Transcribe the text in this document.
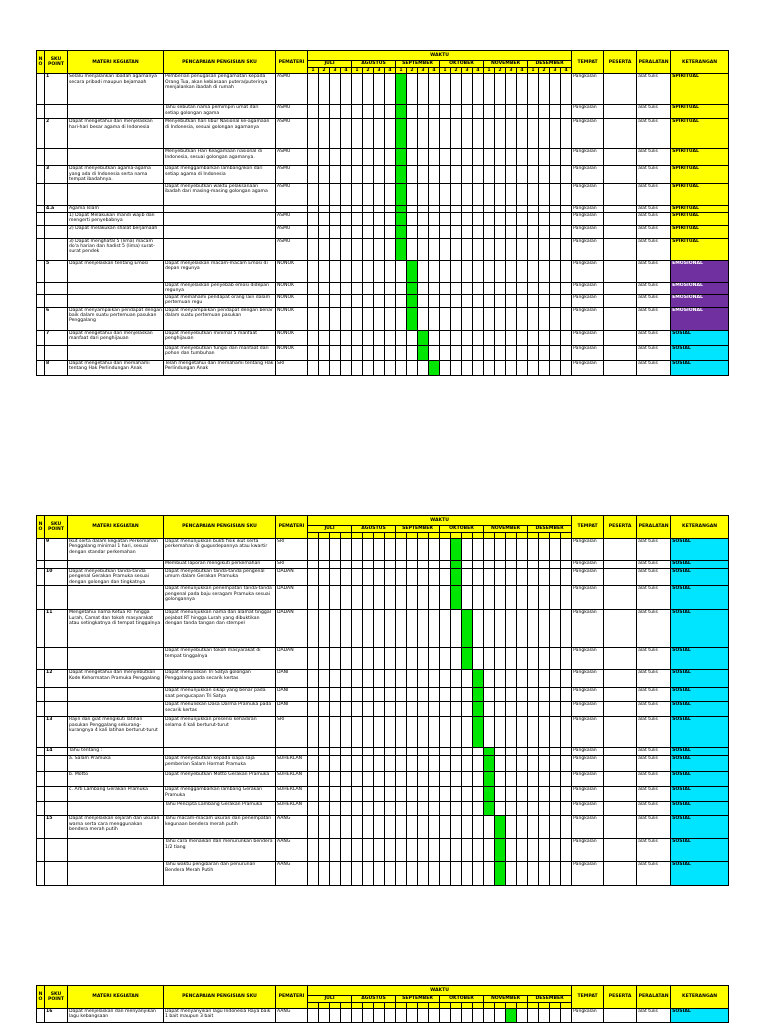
NO	SKU POINT	MATERI KEGIATAN	PENCAPAIAN PENGISIAN SKU	PEMATERI	WAKTU																								TEMPAT	PESERTA	PERALATAN	KETERANGAN
					JULI				AGUSTUS				SEPTEMBER				OKTOBER				NOVEMBER				DESEMBER							
					1	2	3	4	1	2	3	4	1	2	3	4	1	2	3	4	1	2	3	4	1	2	3	4				
	1	Selalu menjalankan ibadah agamanya secara pribadi maupun bejamaah	Pemberian penugasan pengamatan kepada Orang Tua, akan kebiasaan putera/puterinya menjalankan ibadah di rumah	ASMU																									Pangkalan		alat tulis	SPIRITUAL
			Tahu sebutan nama pemimpin umat dari setiap golongan agama	ASMU																									Pangkalan		alat tulis	SPIRITUAL
	2	Dapat mengetahui dan menjelaskan hari-hari besar agama di Indonesia	Menyebutkan hari libur Nasional ke-agamaan di Indonesia, sesuai golongan agamanya	ASMU																									Pangkalan		alat tulis	SPIRITUAL
			Menyebutkan Hari Keagamaan nasional di Indonesia, sesuai golongan agamanya.	ASMU																									Pangkalan		alat tulis	SPIRITUAL
	3	Dapat menyebutkan agama-agama yang ada di Indonesia serta nama tempat ibadahnya.	Dapat menggambarkan lambang/ikon dari setiap agama di Indonesia	ASMU																									Pangkalan		alat tulis	SPIRITUAL
			Dapat menyebutkan waktu pelaksanaan ibadah dari masing-masing golongan agama	ASMU																									Pangkalan		alat tulis	SPIRITUAL
	4.a	Agama Islam																											Pangkalan		alat tulis	SPIRITUAL
		1) Dapat Melakukan mandi wajib dan mengerti penyebabnya		ASMU																									Pangkalan		alat tulis	SPIRITUAL
		2) Dapat melakukan shalat berjamaah		ASMU																									Pangkalan		alat tulis	SPIRITUAL
		3) Dapat menghafal 5 (lima) macam do'a harian dan hadist 5 (lima) surat-surat pendek		ASMU																									Pangkalan		alat tulis	SPIRITUAL
	5	Dapat menjelaskan tentang Emosi	Dapat menjelaskan macam-macam Emosi di depan regunya	NONOK																									Pangkalan		alat tulis	EMOSIONAL
			Dapat menjelaskan penyebab emosi didepan regunya	NONOK																									Pangkalan		alat tulis	EMOSIONAL
			Dapat memahami pendapat orang lain dalam pertemuan regu	NONOK																									Pangkalan		alat tulis	EMOSIONAL
	6	Dapat menyampaikan pendapat dengan baik dalam suatu pertemuan pasukan Penggalang	Dapat menyampaikan pendapat dengan benar dalam suatu pertemuan pasukan	NONOK																									Pangkalan		alat tulis	EMOSIONAL
	7	Dapat mengetahui dan menjelaskan manfaat dari penghijauan	Dapat menyebutkan minimal 5 manfaat penghijauan	NONOK																									Pangkalan		alat tulis	SOSIAL
			Dapat menyebutkan fungsi dan manfaat dari pohon dan tumbuhan	NONOK																									Pangkalan		alat tulis	SOSIAL
	8	Dapat mengetahui dan memahami tentang Hak Perlindungan Anak	Telah mengetahui dan memahami tentang Hak Perlindungan Anak	SRI																									Pangkalan		alat tulis	SOSIAL
NO	SKU POINT	MATERI KEGIATAN	PENCAPAIAN PENGISIAN SKU	PEMATERI	WAKTU																								TEMPAT	PESERTA	PERALATAN	KETERANGAN
					JULI				AGUSTUS				SEPTEMBER				OKTOBER				NOVEMBER				DESEMBER							

	9	Ikut serta dalam kegiatan Perkemahan Penggalang minimal 1 hari, sesuai dengan standar perkemahan	Dapat menunjukkan bukti fisik ikut serta perkemahan di gugusdepannya atau kwartir	SRI																									Pangkalan		alat tulis	SOSIAL
			Membuat laporan mengikuti perkemahan	SRI																									Pangkalan		alat tulis	SOSIAL
	10	Dapat menyebutkan tanda-tanda pengenal Gerakan Pramuka sesuai dengan golongan dan tingkatnya	Dapat menyebutkan tanda-tanda pengenal umum dalam Gerakan Pramuka	DADAN																									Pangkalan		alat tulis	SOSIAL
			Dapat menunjukkan penempatan tanda-tanda pengenal pada baju seragam Pramuka sesuai golongannya	DADAN																									Pangkalan		alat tulis	SOSIAL
	11	Mengetahui nama Ketua RT hingga Lurah, Camat dan tokoh masyarakat atau setingkatnya di tempat tinggalnya	Dapat menunjukkan nama dan alamat tinggal pejabat RT hingga Lurah yang dibuktikan dengan tanda tangan dan stempel	DADAN																									Pangkalan		alat tulis	SOSIAL
			Dapat menyebutkan tokoh masyarakat di tempat tinggalnya	DADAN																									Pangkalan		alat tulis	SOSIAL
	12	Dapat mengetahui dan menyebutkan Kode Kehormatan Pramuka Penggalang	Dapat menuliskan Tri Satya golongan Penggalang pada secarik kertas	DANI																									Pangkalan		alat tulis	SOSIAL
			Dapat menunjukkan sikap yang benar pada saat pengucapan Tri Satya	DANI																									Pangkalan		alat tulis	SOSIAL
			Dapat menuliskan Dasa Darma Pramuka pada secarik kertas	DANI																									Pangkalan		alat tulis	SOSIAL
	13	Rajin dan giat mengikuti latihan pasukan Penggalang sekurang-kurangnya 4 kali latihan berturut-turut	Dapat menunjukkan presensi kehadiran selama 4 kali berturut-turut	SRI																									Pangkalan		alat tulis	SOSIAL
	14	Tahu tentang :																											Pangkalan		alat tulis	SOSIAL
		a. Salam Pramuka	Dapat menyebutkan kepada siapa saja pemberian Salam Hormat Pramuka	SUHERLAN																									Pangkalan		alat tulis	SOSIAL
		b. Motto	Dapat menyebutkan Motto Gerakan Pramuka	SUHERLAN																									Pangkalan		alat tulis	SOSIAL
		c. Arti Lambang Gerakan Pramuka	Dapat menggambarkan lambang Gerakan Pramuka	SUHERLAN																									Pangkalan		alat tulis	SOSIAL
			Tahu Pencipta Lambang Gerakan Pramuka	SUHERLAN																									Pangkalan		alat tulis	SOSIAL
	15	Dapat menjelaskan sejarah dan ukuran warna serta cara menggunakan bendera merah putih	Tahu macam-macam ukuran dan penempatan kegunaan bendera merah putih	AANG																									Pangkalan		alat tulis	SOSIAL
			Tahu cara menaikan dan menurunkan bendera 1/2 tiang	AANG																									Pangkalan		alat tulis	SOSIAL
			Tahu waktu pengibaran dan penurunan Bendera Merah Putih	AANG																									Pangkalan		alat tulis	SOSIAL
NO	SKU POINT	MATERI KEGIATAN	PENCAPAIAN PENGISIAN SKU	PEMATERI	WAKTU																								TEMPAT	PESERTA	PERALATAN	KETERANGAN
					JULI				AGUSTUS				SEPTEMBER				OKTOBER				NOVEMBER				DESEMBER							

	16	Dapat menjelaskan dan menyanyikan lagu kebangsaan	Dapat menyanyikan lagu Indonesia Raya baik 1 bait maupun 3 bait	AANG																									Pangkalan		alat tulis	SOSIAL
